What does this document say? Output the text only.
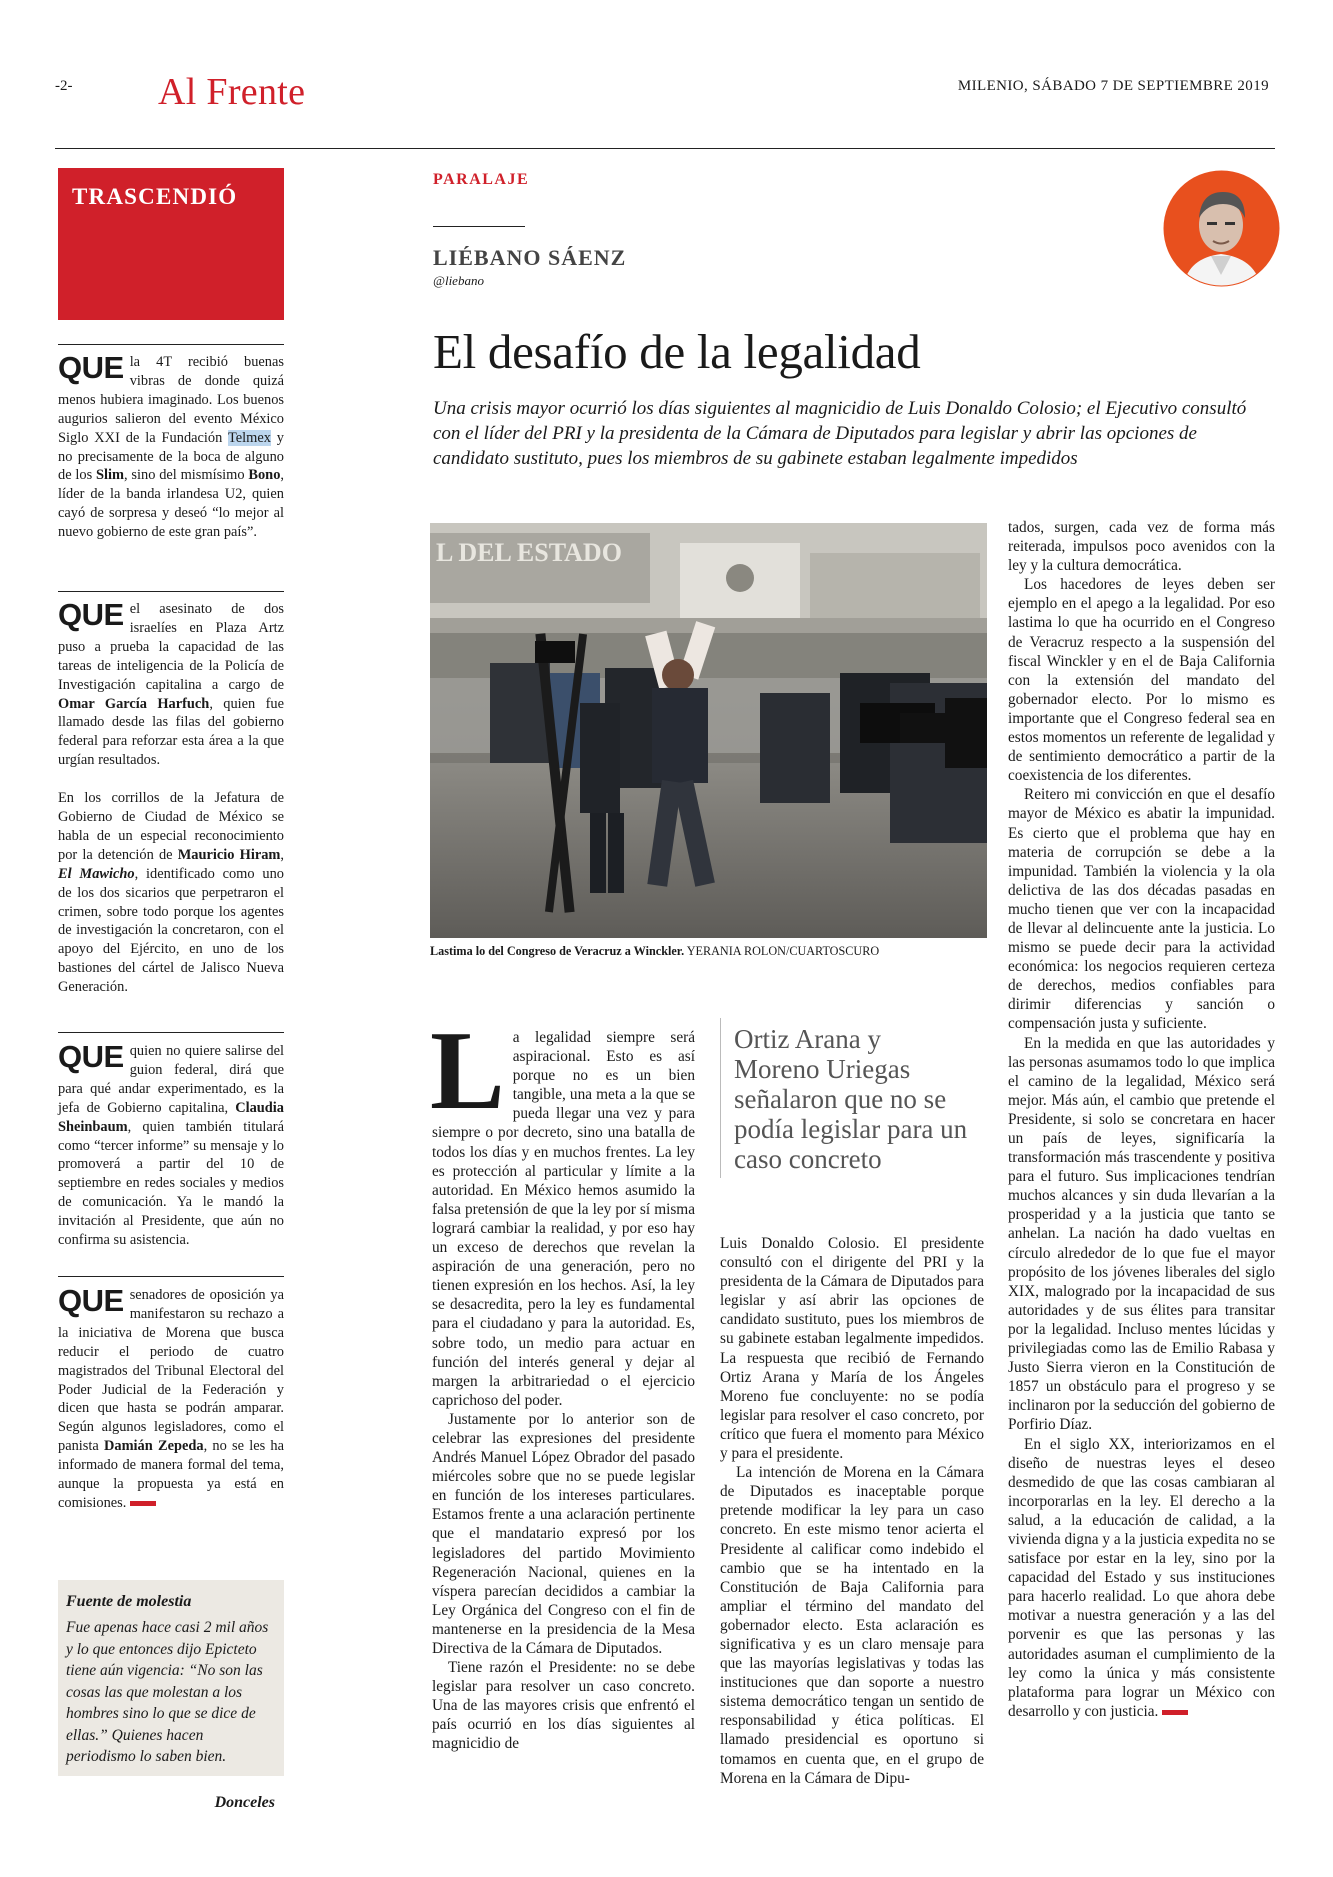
-2- Al Frente	MILENIO, SÁBADO 7 DE SEPTIEMBRE 2019
TRASCENDIÓ
QUE la 4T recibió buenas vibras de donde quizá menos hubiera imaginado. Los buenos augurios salieron del evento México Siglo XXI de la Fundación Telmex y no precisamente de la boca de alguno de los Slim, sino del mismísimo Bono, líder de la banda irlandesa U2, quien cayó de sorpresa y deseó “lo mejor al nuevo gobierno de este gran país”.
QUE el asesinato de dos israelíes en Plaza Artz puso a prueba la capacidad de las tareas de inteligencia de la Policía de Investigación capitalina a cargo de Omar García Harfuch, quien fue llamado desde las filas del gobierno federal para reforzar esta área a la que urgían resultados.

En los corrillos de la Jefatura de Gobierno de Ciudad de México se habla de un especial reconocimiento por la detención de Mauricio Hiram, El Mawicho, identificado como uno de los dos sicarios que perpetraron el crimen, sobre todo porque los agentes de investigación la concretaron, con el apoyo del Ejército, en uno de los bastiones del cártel de Jalisco Nueva Generación.
QUE quien no quiere salirse del guion federal, dirá que para qué andar experimentado, es la jefa de Gobierno capitalina, Claudia Sheinbaum, quien también titulará como “tercer informe” su mensaje y lo promoverá a partir del 10 de septiembre en redes sociales y medios de comunicación. Ya le mandó la invitación al Presidente, que aún no confirma su asistencia.
QUE senadores de oposición ya manifestaron su rechazo a la iniciativa de Morena que busca reducir el periodo de cuatro magistrados del Tribunal Electoral del Poder Judicial de la Federación y dicen que hasta se podrán amparar. Según algunos legisladores, como el panista Damián Zepeda, no se les ha informado de manera formal del tema, aunque la propuesta ya está en comisiones.
Fuente de molestia
Fue apenas hace casi 2 mil años y lo que entonces dijo Epicteto tiene aún vigencia: “No son las cosas las que molestan a los hombres sino lo que se dice de ellas.” Quienes hacen periodismo lo saben bien.
Donceles
PARALAJE
LIÉBANO SÁENZ
@liebano
El desafío de la legalidad
Una crisis mayor ocurrió los días siguientes al magnicidio de Luis Donaldo Colosio; el Ejecutivo consultó con el líder del PRI y la presidenta de la Cámara de Diputados para legislar y abrir las opciones de candidato sustituto, pues los miembros de su gabinete estaban legalmente impedidos
L DEL ESTADO
Lastima lo del Congreso de Veracruz a Winckler. YERANIA ROLON/CUARTOSCURO

La legalidad siempre será aspiracional. Esto es así porque no es un bien tangible, una meta a la que se pueda llegar una vez y para siempre o por decreto, sino una batalla de todos los días y en muchos frentes. La ley es protección al particular y límite a la autoridad. En México hemos asumido la falsa pretensión de que la ley por sí misma logrará cambiar la realidad, y por eso hay un exceso de derechos que revelan la aspiración de una generación, pero no tienen expresión en los hechos. Así, la ley se desacredita, pero la ley es fundamental para el ciudadano y para la autoridad. Es, sobre todo, un medio para actuar en función del interés general y dejar al margen la arbitrariedad o el ejercicio caprichoso del poder.

Justamente por lo anterior son de celebrar las expresiones del presidente Andrés Manuel López Obrador del pasado miércoles sobre que no se puede legislar en función de los intereses particulares. Estamos frente a una aclaración pertinente que el mandatario expresó por los legisladores del partido Movimiento Regeneración Nacional, quienes en la víspera parecían decididos a cambiar la Ley Orgánica del Congreso con el fin de mantenerse en la presidencia de la Mesa Directiva de la Cámara de Diputados.

Tiene razón el Presidente: no se debe legislar para resolver un caso concreto. Una de las mayores crisis que enfrentó el país ocurrió en los días siguientes al magnicidio de

Ortiz Arana y Moreno Uriegas señalaron que no se podía legislar para un caso concreto

Luis Donaldo Colosio. El presidente consultó con el dirigente del PRI y la presidenta de la Cámara de Diputados para legislar y así abrir las opciones de candidato sustituto, pues los miembros de su gabinete estaban legalmente impedidos. La respuesta que recibió de Fernando Ortiz Arana y María de los Ángeles Moreno fue concluyente: no se podía legislar para resolver el caso concreto, por crítico que fuera el momento para México y para el presidente.

La intención de Morena en la Cámara de Diputados es inaceptable porque pretende modificar la ley para un caso concreto. En este mismo tenor acierta el Presidente al calificar como indebido el cambio que se ha intentado en la Constitución de Baja California para ampliar el término del mandato del gobernador electo. Esta aclaración es significativa y es un claro mensaje para que las mayorías legislativas y todas las instituciones que dan soporte a nuestro sistema democrático tengan un sentido de responsabilidad y ética políticas. El llamado presidencial es oportuno si tomamos en cuenta que, en el grupo de Morena en la Cámara de Dipu-

tados, surgen, cada vez de forma más reiterada, impulsos poco avenidos con la ley y la cultura democrática.

Los hacedores de leyes deben ser ejemplo en el apego a la legalidad. Por eso lastima lo que ha ocurrido en el Congreso de Veracruz respecto a la suspensión del fiscal Winckler y en el de Baja California con la extensión del mandato del gobernador electo. Por lo mismo es importante que el Congreso federal sea en estos momentos un referente de legalidad y de sentimiento democrático a partir de la coexistencia de los diferentes.

Reitero mi convicción en que el desafío mayor de México es abatir la impunidad. Es cierto que el problema que hay en materia de corrupción se debe a la impunidad. También la violencia y la ola delictiva de las dos décadas pasadas en mucho tienen que ver con la incapacidad de llevar al delincuente ante la justicia. Lo mismo se puede decir para la actividad económica: los negocios requieren certeza de derechos, medios confiables para dirimir diferencias y sanción o compensación justa y suficiente.

En la medida en que las autoridades y las personas asumamos todo lo que implica el camino de la legalidad, México será mejor. Más aún, el cambio que pretende el Presidente, si solo se concretara en hacer un país de leyes, significaría la transformación más trascendente y positiva para el futuro. Sus implicaciones tendrían muchos alcances y sin duda llevarían a la prosperidad y a la justicia que tanto se anhelan. La nación ha dado vueltas en círculo alrededor de lo que fue el mayor propósito de los jóvenes liberales del siglo XIX, malogrado por la incapacidad de sus autoridades y de sus élites para transitar por la legalidad. Incluso mentes lúcidas y privilegiadas como las de Emilio Rabasa y Justo Sierra vieron en la Constitución de 1857 un obstáculo para el progreso y se inclinaron por la seducción del gobierno de Porfirio Díaz.

En el siglo XX, interiorizamos en el diseño de nuestras leyes el deseo desmedido de que las cosas cambiaran al incorporarlas en la ley. El derecho a la salud, a la educación de calidad, a la vivienda digna y a la justicia expedita no se satisface por estar en la ley, sino por la capacidad del Estado y sus instituciones para hacerlo realidad. Lo que ahora debe motivar a nuestra generación y a las del porvenir es que las personas y las autoridades asuman el cumplimiento de la ley como la única y más consistente plataforma para lograr un México con desarrollo y con justicia.
